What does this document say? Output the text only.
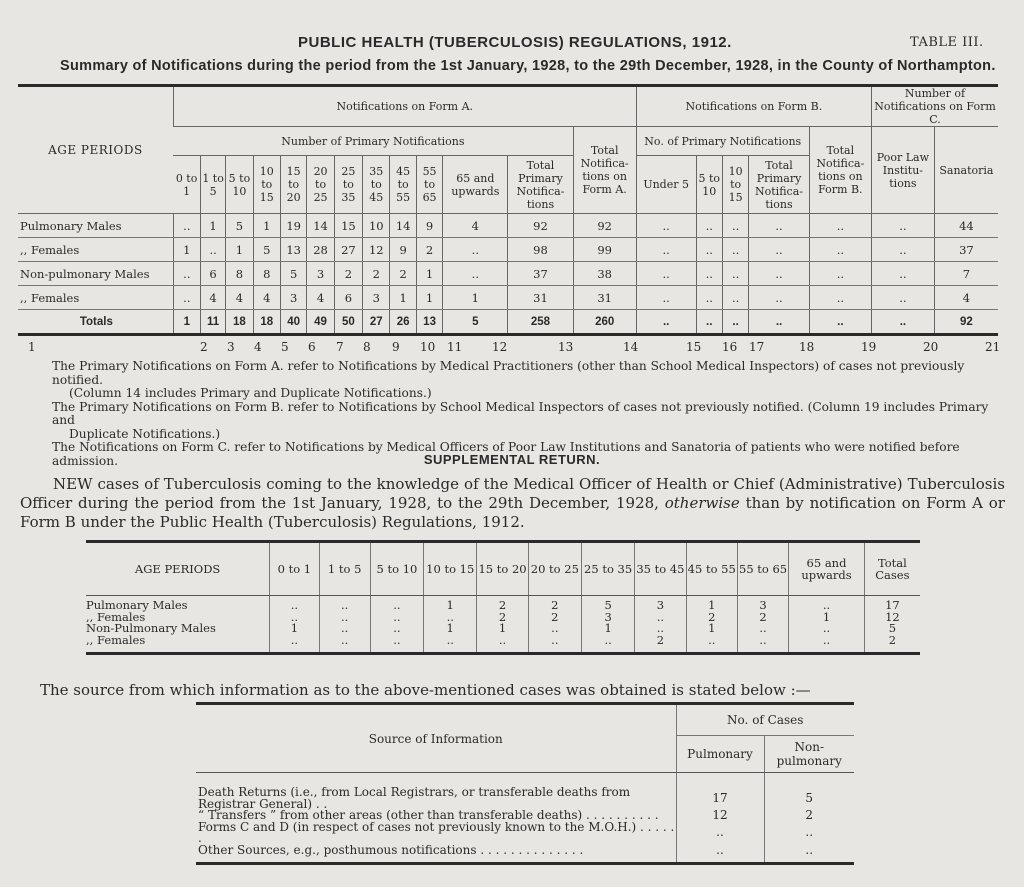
PUBLIC HEALTH (TUBERCULOSIS) REGULATIONS, 1912.	TABLE III.
Summary of Notifications during the period from the 1st January, 1928, to the 29th December, 1928, in the County of Northampton.
AGE PERIODS	Notifications on Form A.													Notifications on Form B.					Number of Notifications on Form C.	
	Number of Primary Notifications												Total Notifica-tions on Form A.	No. of Primary Notifications				Total Notifica-tions on Form B.	Poor Law Institu-tions	Sanatoria
	0 to 1	1 to 5	5 to 10	10 to 15	15 to 20	20 to 25	25 to 35	35 to 45	45 to 55	55 to 65	65 and upwards	Total Primary Notifica-tions		Under 5	5 to 10	10 to 15	Total Primary Notifica-tions			
Pulmonary Males	..	1	5	1	19	14	15	10	14	9	4	92	92	..	..	..	..	..	..	44
,, Females	1	..	1	5	13	28	27	12	9	2	..	98	99	..	..	..	..	..	..	37
Non-pulmonary Males	..	6	8	8	5	3	2	2	2	1	..	37	38	..	..	..	..	..	..	7
,, Females	..	4	4	4	3	4	6	3	1	1	1	31	31	..	..	..	..	..	..	4
Totals	1	11	18	18	40	49	50	27	26	13	5	258	260	..	..	..	..	..	..	92
1	2 3 4 5 6 7 8 9 10 11 12	13	14	15 16 17	18	19	20	21

The Primary Notifications on Form A. refer to Notifications by Medical Practitioners (other than School Medical Inspectors) of cases not previously notified.

(Column 14 includes Primary and Duplicate Notifications.)

The Primary Notifications on Form B. refer to Notifications by School Medical Inspectors of cases not previously notified. (Column 19 includes Primary and

Duplicate Notifications.)

The Notifications on Form C. refer to Notifications by Medical Officers of Poor Law Institutions and Sanatoria of patients who were notified before admission.	SUPPLEMENTAL RETURN.
NEW cases of Tuberculosis coming to the knowledge of the Medical Officer of Health or Chief (Administrative) Tuberculosis Officer during the period from the 1st January, 1928, to the 29th December, 1928, otherwise than by notification on Form A or Form B under the Public Health (Tuberculosis) Regulations, 1912.
AGE PERIODS	0 to 1	1 to 5	5 to 10	10 to 15	15 to 20	20 to 25	25 to 35	35 to 45	45 to 55	55 to 65	65 and upwards	Total Cases
Pulmonary Males	..	..	..	1	2	2	5	3	1	3	..	17
,, Females	..	..	..	..	2	2	3	..	2	2	1	12
Non-Pulmonary Males	1	..	..	1	1	..	1	..	1	..	..	5
,, Females	..	..	..	..	..	..	..	2	..	..	..	2
The source from which information as to the above-mentioned cases was obtained is stated below :—
Source of Information	No. of Cases	
	Pulmonary	Non-pulmonary
Death Returns (i.e., from Local Registrars, or transferable deaths from Registrar General) . .	17	5
“ Transfers ” from other areas (other than transferable deaths) . . . . . . . . . .	12	2
Forms C and D (in respect of cases not previously known to the M.O.H.) . . . . . .	..	..
Other Sources, e.g., posthumous notifications . . . . . . . . . . . . . .	..	..
